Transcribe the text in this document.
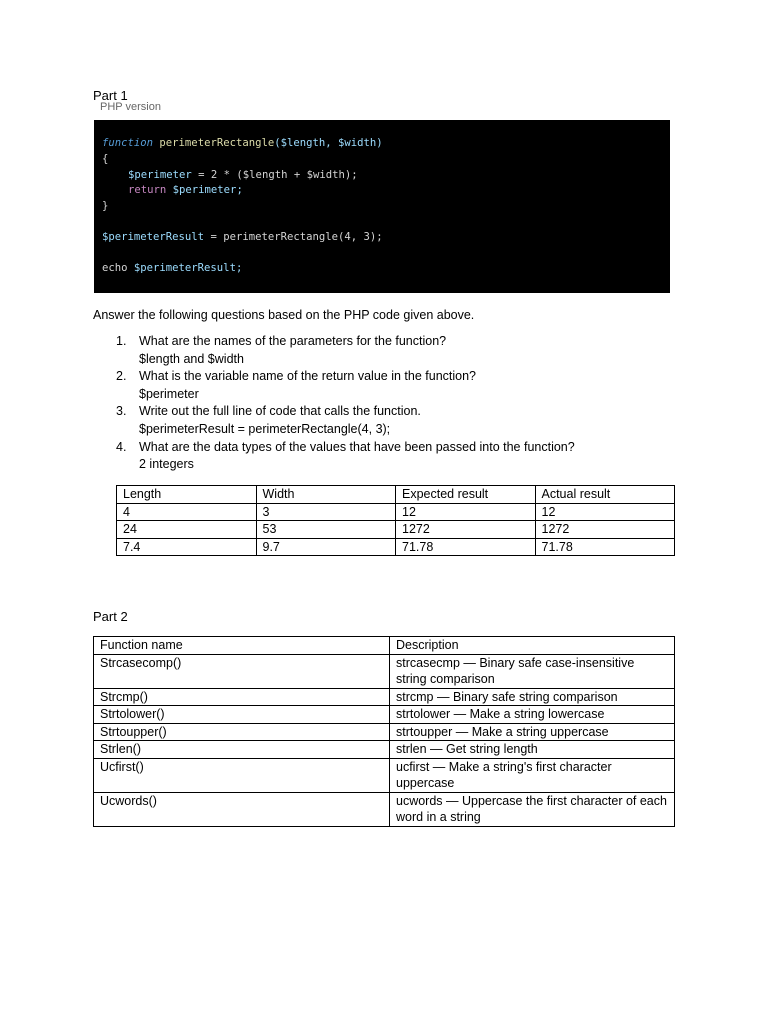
Part 1
PHP version
function perimeterRectangle($length, $width)
{
$perimeter = 2 * ($length + $width);
return $perimeter;
}
$perimeterResult = perimeterRectangle(4, 3);
echo $perimeterResult;
Answer the following questions based on the PHP code given above.
1. What are the names of the parameters for the function?
$length and $width
2. What is the variable name of the return value in the function?
$perimeter
3. Write out the full line of code that calls the function.
$perimeterResult = perimeterRectangle(4, 3);
4. What are the data types of the values that have been passed into the function?
2 integers
Length	Width	Expected result	Actual result
4	3	12	12
24	53	1272	1272
7.4	9.7	71.78	71.78
Part 2
Function name	Description
Strcasecomp()	strcasecmp — Binary safe case-insensitive string comparison
Strcmp()	strcmp — Binary safe string comparison
Strtolower()	strtolower — Make a string lowercase
Strtoupper()	strtoupper — Make a string uppercase
Strlen()	strlen — Get string length
Ucfirst()	ucfirst — Make a string's first character uppercase
Ucwords()	ucwords — Uppercase the first character of each word in a string
